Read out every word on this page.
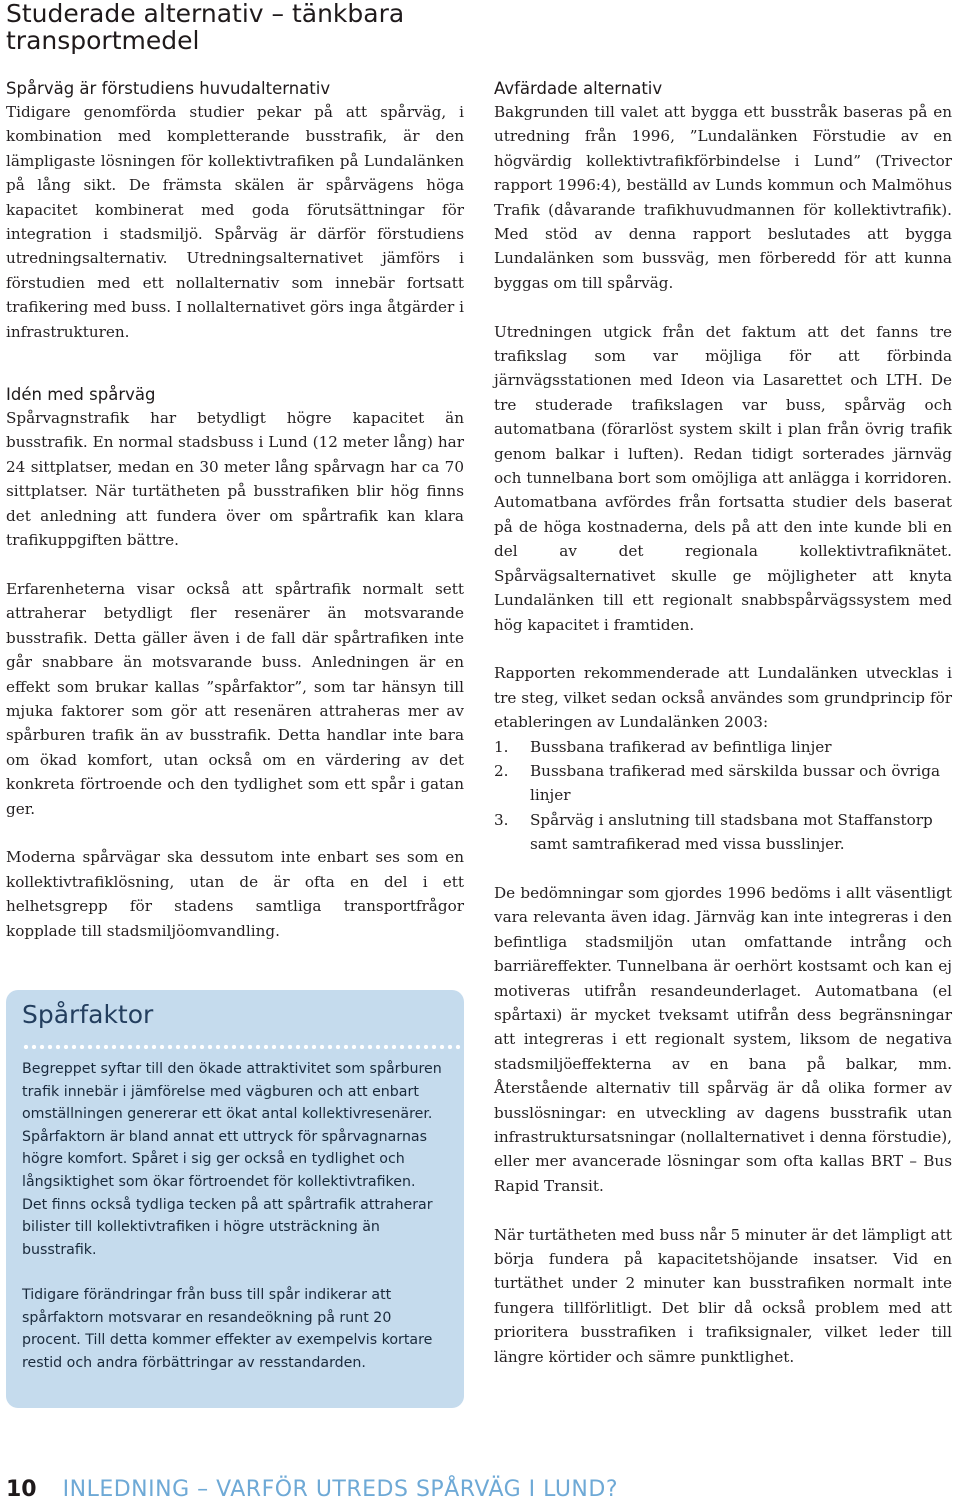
Studerade alternativ – tänkbara transportmedel
Spårväg är förstudiens huvudalternativ

Tidigare genomförda studier pekar på att spårväg, i kombination med kompletterande busstrafik, är den lämpligaste lösningen för kollektivtrafiken på Lundalänken på lång sikt. De främsta skälen är spårvägens höga kapacitet kombinerat med goda förutsättningar för integration i stadsmiljö. Spårväg är därför förstudiens utredningsalternativ. Utredningsalternativet jämförs i förstudien med ett nollalternativ som innebär fortsatt trafikering med buss. I nollalternativet görs inga åtgärder i infrastrukturen.

Idén med spårväg

Spårvagnstrafik har betydligt högre kapacitet än busstrafik. En normal stadsbuss i Lund (12 meter lång) har 24 sittplatser, medan en 30 meter lång spårvagn har ca 70 sittplatser. När turtätheten på busstrafiken blir hög finns det anledning att fundera över om spårtrafik kan klara trafikuppgiften bättre.

Erfarenheterna visar också att spårtrafik normalt sett attraherar betydligt fler resenärer än motsvarande busstrafik. Detta gäller även i de fall där spårtrafiken inte går snabbare än motsvarande buss. Anledningen är en effekt som brukar kallas ”spårfaktor”, som tar hänsyn till mjuka faktorer som gör att resenären attraheras mer av spårburen trafik än av busstrafik. Detta handlar inte bara om ökad komfort, utan också om en värdering av det konkreta förtroende och den tydlighet som ett spår i gatan ger.

Moderna spårvägar ska dessutom inte enbart ses som en kollektivtrafiklösning, utan de är ofta en del i ett helhetsgrepp för stadens samtliga transportfrågor kopplade till stadsmiljöomvandling.

Spårfaktor

Begreppet syftar till den ökade attraktivitet som spårburen trafik innebär i jämförelse med vägburen och att enbart omställningen genererar ett ökat antal kollektivresenärer. Spårfaktorn är bland annat ett uttryck för spårvagnarnas högre komfort. Spåret i sig ger också en tydlighet och långsiktighet som ökar förtroendet för kollektivtrafiken. Det finns också tydliga tecken på att spårtrafik attraherar bilister till kollektivtrafiken i högre utsträckning än busstrafik.

Tidigare förändringar från buss till spår indikerar att spårfaktorn motsvarar en resandeökning på runt 20 procent. Till detta kommer effekter av exempelvis kortare restid och andra förbättringar av resstandarden.

Avfärdade alternativ

Bakgrunden till valet att bygga ett busstråk baseras på en utredning från 1996, ”Lundalänken Förstudie av en högvärdig kollektivtrafikförbindelse i Lund” (Trivector rapport 1996:4), beställd av Lunds kommun och Malmöhus Trafik (dåvarande trafikhuvudmannen för kollektivtrafik). Med stöd av denna rapport beslutades att bygga Lundalänken som bussväg, men förberedd för att kunna byggas om till spårväg.

Utredningen utgick från det faktum att det fanns tre trafikslag som var möjliga för att förbinda järnvägsstationen med Ideon via Lasarettet och LTH. De tre studerade trafikslagen var buss, spårväg och automatbana (förarlöst system skilt i plan från övrig trafik genom balkar i luften). Redan tidigt sorterades järnväg och tunnelbana bort som omöjliga att anlägga i korridoren. Automatbana avfördes från fortsatta studier dels baserat på de höga kostnaderna, dels på att den inte kunde bli en del av det regionala kollektivtrafiknätet. Spårvägsalternativet skulle ge möjligheter att knyta Lundalänken till ett regionalt snabbspårvägssystem med hög kapacitet i framtiden.

Rapporten rekommenderade att Lundalänken utvecklas i tre steg, vilket sedan också användes som grundprincip för etableringen av Lundalänken 2003:

1. Bussbana trafikerad av befintliga linjer
2. Bussbana trafikerad med särskilda bussar och övriga linjer
3. Spårväg i anslutning till stadsbana mot Staffanstorp samt samtrafikerad med vissa busslinjer.

De bedömningar som gjordes 1996 bedöms i allt väsentligt vara relevanta även idag. Järnväg kan inte integreras i den befintliga stadsmiljön utan omfattande intrång och barriäreffekter. Tunnelbana är oerhört kostsamt och kan ej motiveras utifrån resandeunderlaget. Automatbana (el spårtaxi) är mycket tveksamt utifrån dess begränsningar att integreras i ett regionalt system, liksom de negativa stadsmiljöeffekterna av en bana på balkar, mm. Återstående alternativ till spårväg är då olika former av busslösningar: en utveckling av dagens busstrafik utan infrastruktursatsningar (nollalternativet i denna förstudie), eller mer avancerade lösningar som ofta kallas BRT – Bus Rapid Transit.

När turtätheten med buss når 5 minuter är det lämpligt att börja fundera på kapacitetshöjande insatser. Vid en turtäthet under 2 minuter kan busstrafiken normalt inte fungera tillförlitligt. Det blir då också problem med att prioritera busstrafiken i trafiksignaler, vilket leder till längre körtider och sämre punktlighet.

10 INLEDNING – VARFÖR UTREDS SPÅRVÄG I LUND?
